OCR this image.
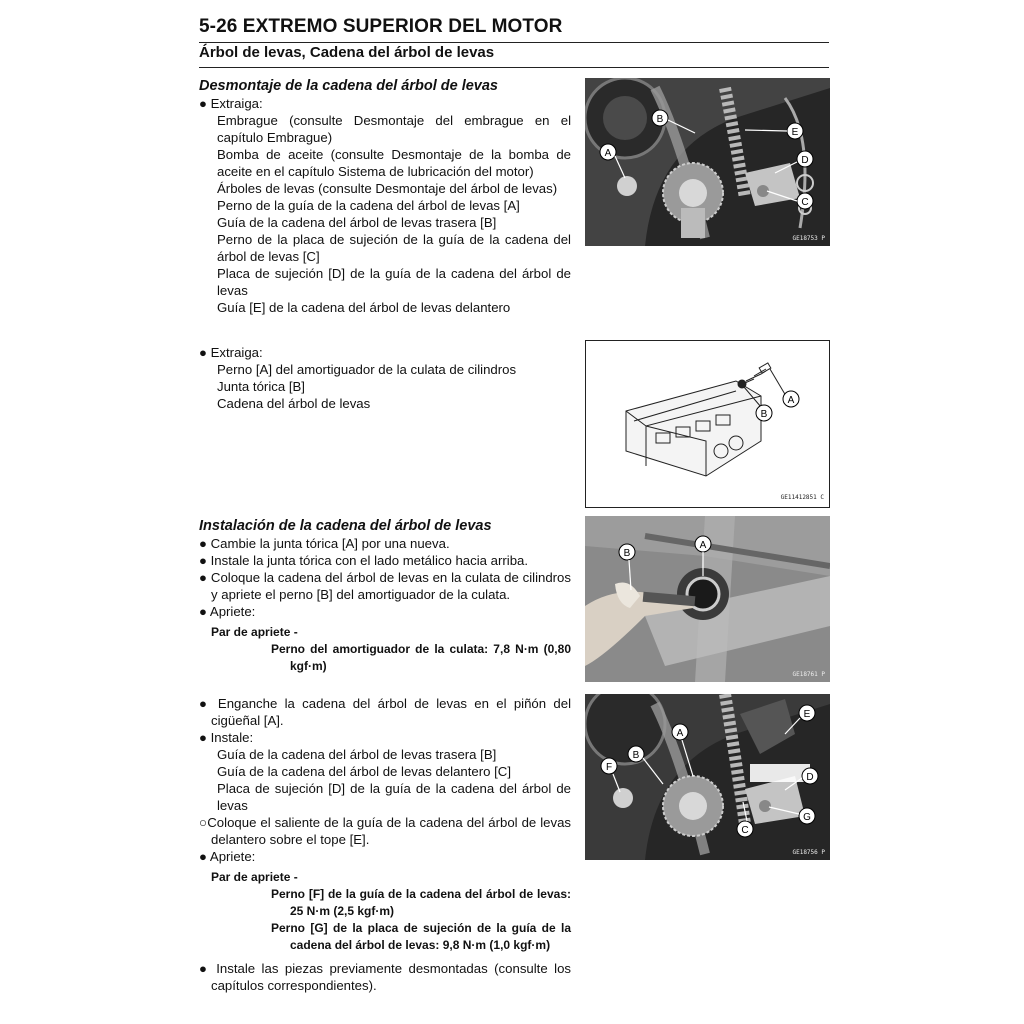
5-26 EXTREMO SUPERIOR DEL MOTOR
Árbol de levas, Cadena del árbol de levas
Desmontaje de la cadena del árbol de levas
● Extraiga:
Embrague (consulte Desmontaje del embrague en el capítulo Embrague)
Bomba de aceite (consulte Desmontaje de la bomba de aceite en el capítulo Sistema de lubricación del motor)
Árboles de levas (consulte Desmontaje del árbol de levas)
Perno de la guía de la cadena del árbol de levas [A]
Guía de la cadena del árbol de levas trasera [B]
Perno de la placa de sujeción de la guía de la cadena del árbol de levas [C]
Placa de sujeción [D] de la guía de la cadena del árbol de levas
Guía [E] de la cadena del árbol de levas delantero
● Extraiga:
Perno [A] del amortiguador de la culata de cilindros
Junta tórica [B]
Cadena del árbol de levas
Instalación de la cadena del árbol de levas
● Cambie la junta tórica [A] por una nueva.
● Instale la junta tórica con el lado metálico hacia arriba.
● Coloque la cadena del árbol de levas en la culata de cilindros y apriete el perno [B] del amortiguador de la culata.
● Apriete:
Par de apriete -
Perno del amortiguador de la culata: 7,8 N·m (0,80 kgf·m)
● Enganche la cadena del árbol de levas en el piñón del cigüeñal [A].
● Instale:
Guía de la cadena del árbol de levas trasera [B]
Guía de la cadena del árbol de levas delantero [C]
Placa de sujeción [D] de la guía de la cadena del árbol de levas
○Coloque el saliente de la guía de la cadena del árbol de levas delantero sobre el tope [E].
● Apriete:
Par de apriete -
Perno [F] de la guía de la cadena del árbol de levas: 25 N·m (2,5 kgf·m)
Perno [G] de la placa de sujeción de la guía de la cadena del árbol de levas: 9,8 N·m (1,0 kgf·m)
● Instale las piezas previamente desmontadas (consulte los capítulos correspondientes).
A
B
C
D
E
GE18753 P
A
B
GE11412851 C
A
B
GE18761 P
A
B
C
D
E
F
G
GE18756 P
